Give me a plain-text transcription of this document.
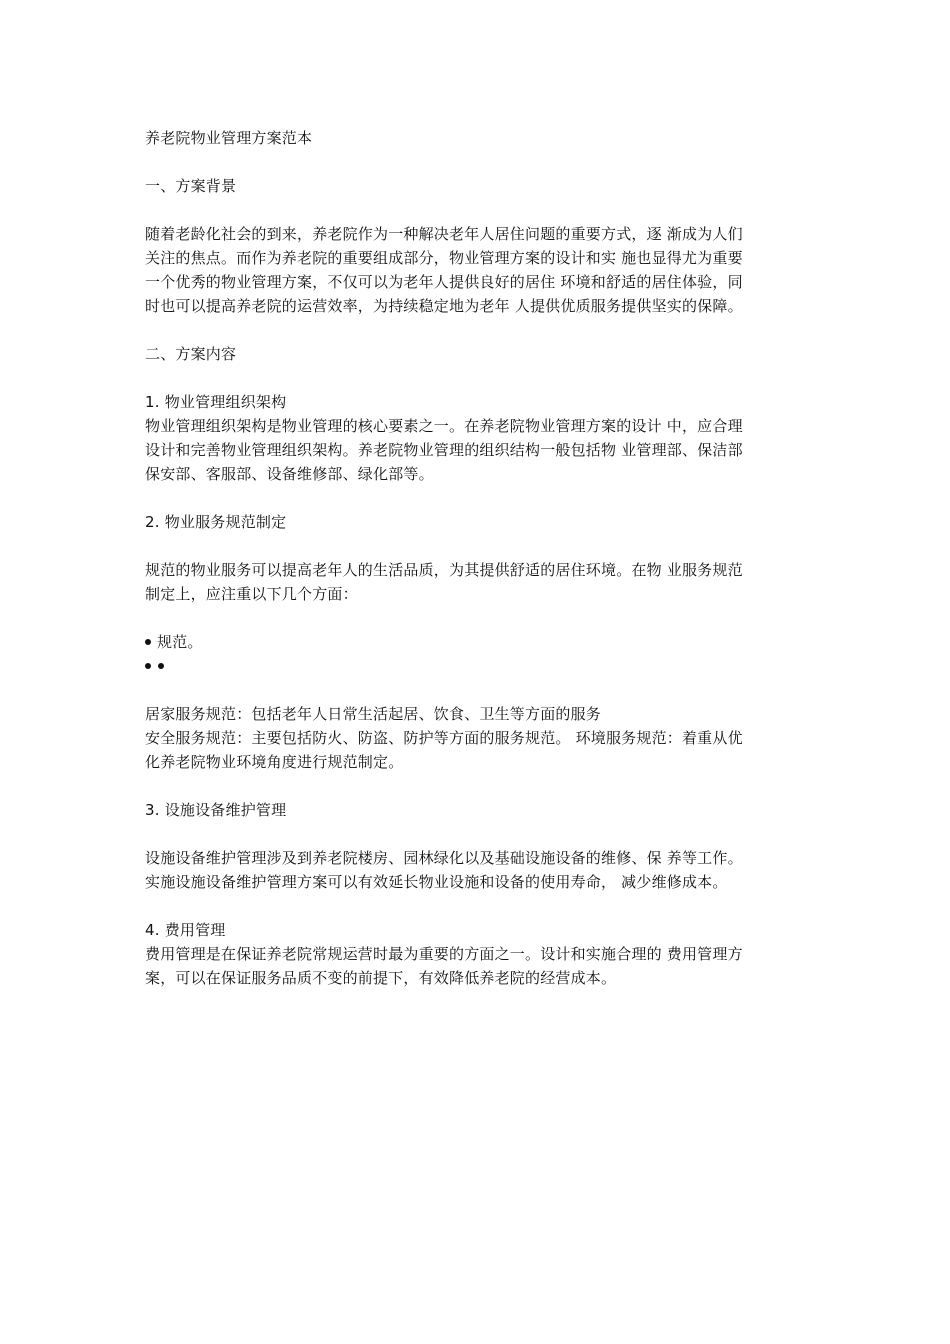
养老院物业管理方案范本
一、方案背景

随着老龄化社会的到来，养老院作为一种解决老年人居住问题的重要方式，逐 渐成为人们

关注的焦点。而作为养老院的重要组成部分，物业管理方案的设计和实 施也显得尤为重要

一个优秀的物业管理方案，不仅可以为老年人提供良好的居住 环境和舒适的居住体验，同

时也可以提高养老院的运营效率，为持续稳定地为老年 人提供优质服务提供坚实的保障。

二、方案内容
1. 物业管理组织架构

物业管理组织架构是物业管理的核心要素之一。在养老院物业管理方案的设计 中，应合理

设计和完善物业管理组织架构。养老院物业管理的组织结构一般包括物 业管理部、保洁部

保安部、客服部、设备维修部、绿化部等。

2. 物业服务规范制定

规范的物业服务可以提高老年人的生活品质，为其提供舒适的居住环境。在物 业服务规范

制定上，应注重以下几个方面：

规范。

居家服务规范：包括老年人日常生活起居、饮食、卫生等方面的服务

安全服务规范：主要包括防火、防盗、防护等方面的服务规范。 环境服务规范：着重从优

化养老院物业环境角度进行规范制定。

3. 设施设备维护管理

设施设备维护管理涉及到养老院楼房、园林绿化以及基础设施设备的维修、保 养等工作。

实施设施设备维护管理方案可以有效延长物业设施和设备的使用寿命， 减少维修成本。

4. 费用管理

费用管理是在保证养老院常规运营时最为重要的方面之一。设计和实施合理的 费用管理方

案，可以在保证服务品质不变的前提下，有效降低养老院的经营成本。
